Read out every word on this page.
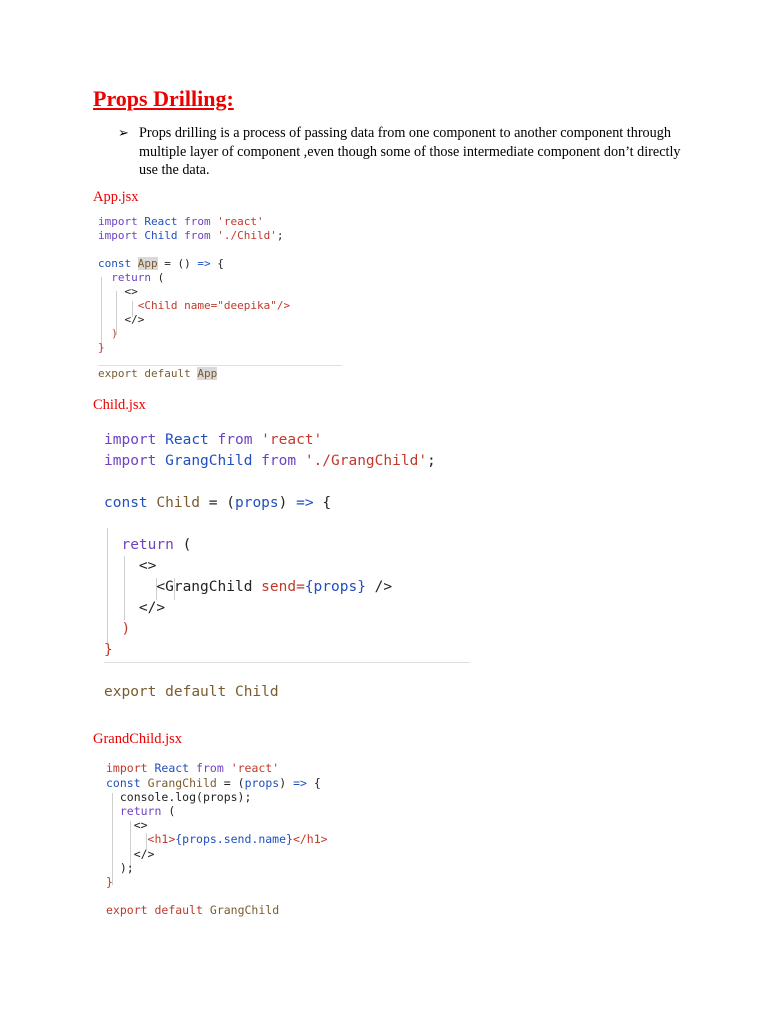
Props Drilling:
➢ Props drilling is a process of passing data from one component to another component through multiple layer of component ,even though some of those intermediate component don’t directly use the data.
App.jsx

import React from 'react'

import Child from './Child';

const App = () => {

return (

<>

<Child name="deepika"/>

</>

)

}

export default App

Child.jsx

import React from 'react'

import GrangChild from './GrangChild';

const Child = (props) => {

return (

<>

<GrangChild send={props} />

</>

)

}

export default Child

GrandChild.jsx

import React from 'react'

const GrangChild = (props) => {

console.log(props);

return (

<>

<h1>{props.send.name}</h1>

</>

);

}

export default GrangChild
